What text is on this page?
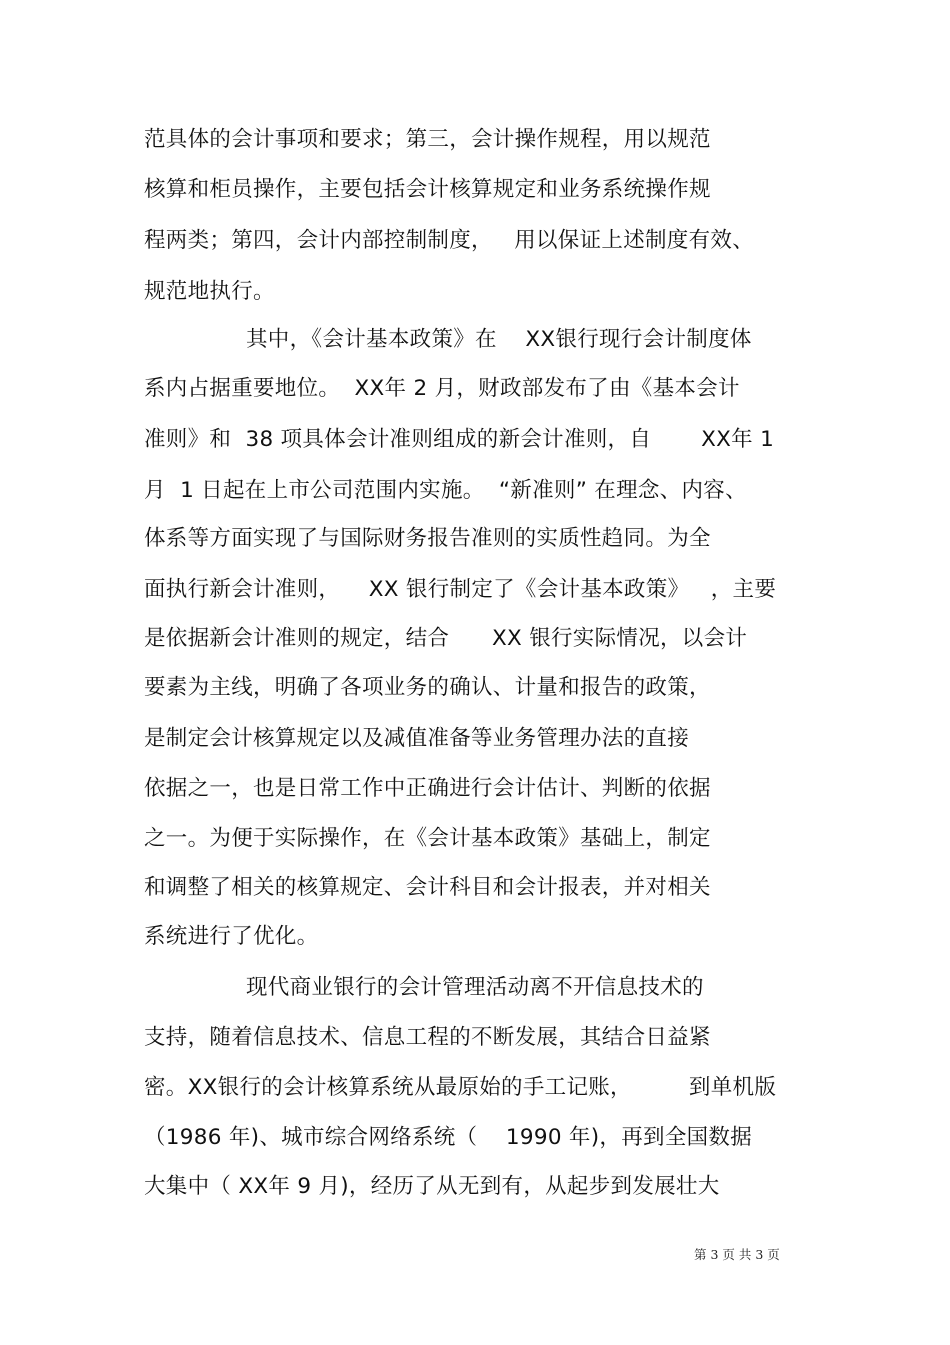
范具体的会计事项和要求；第三，会计操作规程，用以规范
核算和柜员操作，主要包括会计核算规定和业务系统操作规
程两类；第四，会计内部控制制度，   用以保证上述制度有效、
规范地执行。
其中，《会计基本政策》在    XX银行现行会计制度体
系内占据重要地位。  XX年 2 月，财政部发布了由《基本会计
准则》和  38 项具体会计准则组成的新会计准则，自       XX年 1
月  1 日起在上市公司范围内实施。  “新准则” 在理念、内容、
体系等方面实现了与国际财务报告准则的实质性趋同。为全
面执行新会计准则，    XX 银行制定了《会计基本政策》   ，主要
是依据新会计准则的规定，结合      XX 银行实际情况，以会计
要素为主线，明确了各项业务的确认、计量和报告的政策，
是制定会计核算规定以及减值准备等业务管理办法的直接
依据之一，也是日常工作中正确进行会计估计、判断的依据
之一。为便于实际操作，在《会计基本政策》基础上，制定
和调整了相关的核算规定、会计科目和会计报表，并对相关
系统进行了优化。
现代商业银行的会计管理活动离不开信息技术的
支持，随着信息技术、信息工程的不断发展，其结合日益紧
密。XX银行的会计核算系统从最原始的手工记账，        到单机版
（1986 年)、城市综合网络系统（    1990 年)，再到全国数据
大集中（ XX年 9 月)，经历了从无到有，从起步到发展壮大
第 3 页 共 3 页
